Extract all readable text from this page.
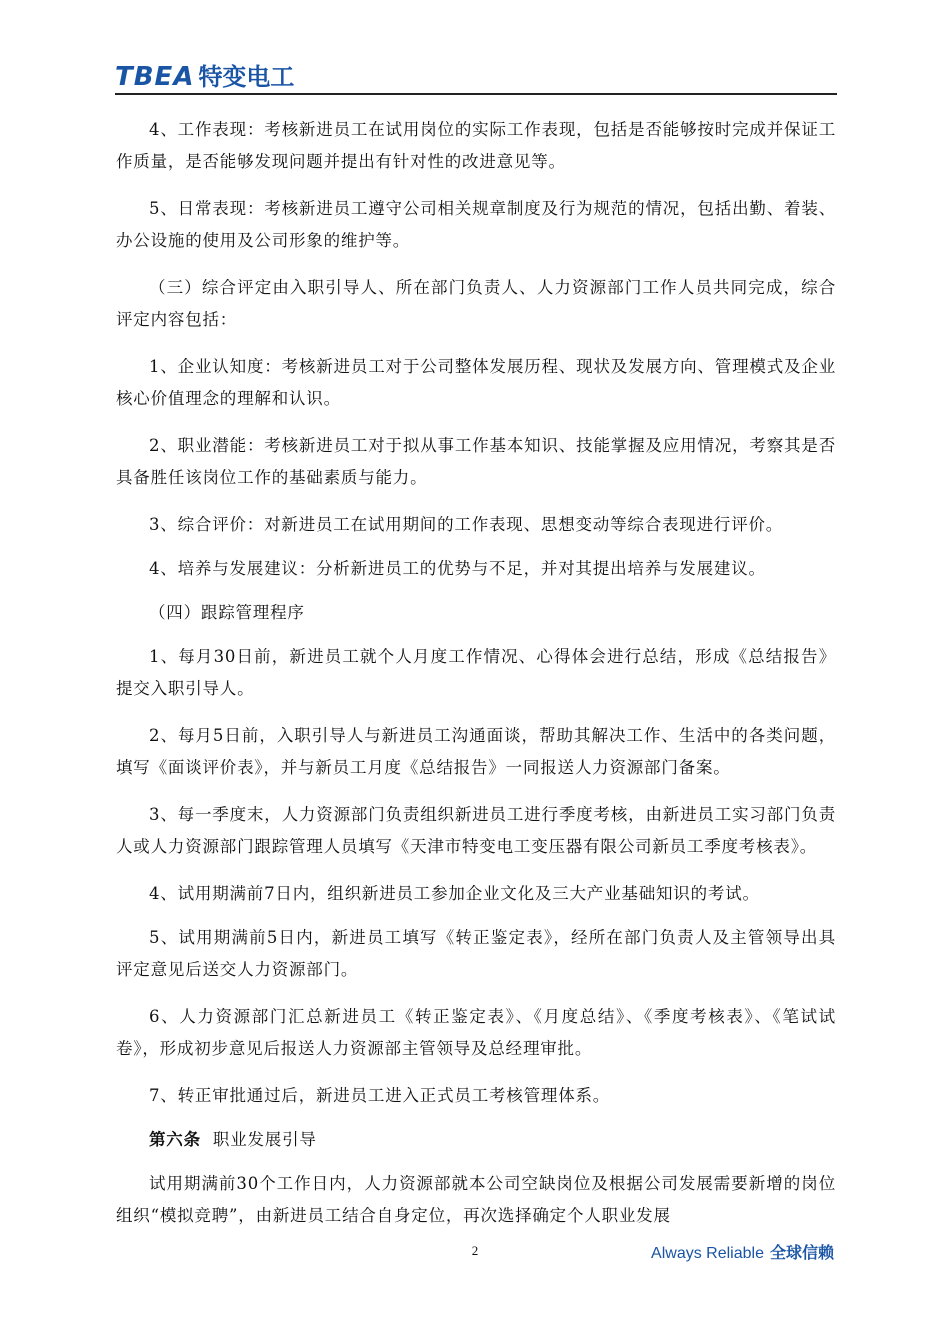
TBEA 特变电工

4、工作表现：考核新进员工在试用岗位的实际工作表现，包括是否能够按时完成并保证工作质量，是否能够发现问题并提出有针对性的改进意见等。

5、日常表现：考核新进员工遵守公司相关规章制度及行为规范的情况，包括出勤、着装、办公设施的使用及公司形象的维护等。

（三）综合评定由入职引导人、所在部门负责人、人力资源部门工作人员共同完成，综合评定内容包括：

1、企业认知度：考核新进员工对于公司整体发展历程、现状及发展方向、管理模式及企业核心价值理念的理解和认识。

2、职业潜能：考核新进员工对于拟从事工作基本知识、技能掌握及应用情况，考察其是否具备胜任该岗位工作的基础素质与能力。

3、综合评价：对新进员工在试用期间的工作表现、思想变动等综合表现进行评价。

4、培养与发展建议：分析新进员工的优势与不足，并对其提出培养与发展建议。

（四）跟踪管理程序

1、每月30日前，新进员工就个人月度工作情况、心得体会进行总结，形成《总结报告》提交入职引导人。

2、每月5日前，入职引导人与新进员工沟通面谈，帮助其解决工作、生活中的各类问题，填写《面谈评价表》，并与新员工月度《总结报告》一同报送人力资源部门备案。

3、每一季度末，人力资源部门负责组织新进员工进行季度考核，由新进员工实习部门负责人或人力资源部门跟踪管理人员填写《天津市特变电工变压器有限公司新员工季度考核表》。

4、试用期满前7日内，组织新进员工参加企业文化及三大产业基础知识的考试。

5、试用期满前5日内，新进员工填写《转正鉴定表》，经所在部门负责人及主管领导出具评定意见后送交人力资源部门。

6、人力资源部门汇总新进员工《转正鉴定表》、《月度总结》、《季度考核表》、《笔试试卷》，形成初步意见后报送人力资源部主管领导及总经理审批。

7、转正审批通过后，新进员工进入正式员工考核管理体系。

第六条 职业发展引导

试用期满前30个工作日内，人力资源部就本公司空缺岗位及根据公司发展需要新增的岗位组织“模拟竞聘”，由新进员工结合自身定位，再次选择确定个人职业发展

2	Always Reliable 全球信赖
